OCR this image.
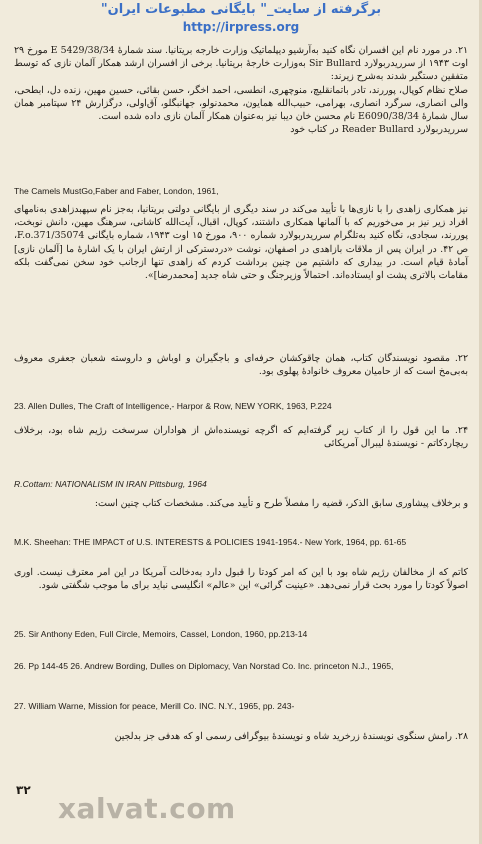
برگرفته از سایت_" بایگانی مطبوعات ایران"
http://irpress.org
۲۱. در مورد نام این افسران نگاه کنید به‌آرشیو دیپلماتیک وزارت خارجه بریتانیا. سند شمارهٔ E 5429/38/34 مورخ ۲۹ اوت ۱۹۴۳ از سرریدربولارد Sir Bullard به‌وزارت خارجهٔ بریتانیا. برخی از افسران ارشد همکار آلمان نازی که توسط متفقین دستگیر شدند به‌شرح زیرند:
صلاح نظام کوپال، پوررند، تادر باتمانقلیچ، منوچهری، انطسی، احمد اخگر، حسن بقائی، حسین مهین، زنده دل، ابطحی، والی انصاری، سرگرد انصاری، بهرامی، حبیب‌الله همایون، محمدنولو، جهانبگلو، آق‌اولی، درگزارش ۲۴ سپتامبر همان سال شمارهٔ E6090/38/34 نام محسن خان دیبا نیز به‌عنوان همکار آلمان نازی داده شده است.
سرریدربولارد Reader Bullard در کتاب خود
The Camels MustGo,Faber and Faber, London, 1961,
نیز همکاری زاهدی را با نازی‌ها با تأیید می‌کند در سند دیگری از بایگانی دولتی بریتانیا، به‌جز نام سپهبدزاهدی به‌نامهای افراد زیر نیز بر می‌خوریم که با آلمانها همکاری داشتند، کوپال، اقبال، آیت‌الله کاشانی، سرهنگ مهین، دانش نوبخت، پوررند، سجادی، نگاه کنید به‌تلگرام سرریدربولارد شماره ۹۰۰، مورخ ۱۵ اوت ۱۹۴۳، شماره بایگانی F.o.371/35074، ص ۴۲. در ایران پس از ملاقات بازاهدی در اصفهان، نوشت «دردسترکی از ارتش ایران با یک اشارهٔ ما [آلمان نازی] آمادهٔ قیام است. در بیداری که داشتیم من چنین برداشت کردم که زاهدی تنها ازجانب خود سخن نمی‌گفت بلکه مقامات بالاتری پشت او ایستاده‌اند. احتمالاً وزیرجنگ و حتی شاه جدید [محمدرضا]».
۲۲. مقصود نویسندگان کتاب، همان چاقوکشان حرفه‌ای و باجگیران و اوباش و داروسته شعبان جعفری معروف به‌بی‌مخ است که از حامیان معروف خانوادهٔ پهلوی بود.
23. Allen Dulles, The Craft of Intelligence,- Harpor & Row, NEW YORK, 1963, P.224
۲۴. ما این قول را از کتاب زیر گرفته‌ایم که اگرچه نویسنده‌اش از هواداران سرسخت رژیم شاه بود، برخلاف ریچاردکاتم - نویسندهٔ لیبرال آمریکائی
R.Cottam: NATIONALISM IN IRAN Pittsburg, 1964
و برخلاف پیشاوری سابق الذکر، قضیه را مفصلاً طرح و تأیید می‌کند. مشخصات کتاب چنین است:
M.K. Sheehan: THE IMPACT of U.S. INTERESTS & POLICIES 1941-1954.- New York, 1964, pp. 61-65
کاتم که از مخالفان رژیم شاه بود با این که امر کودتا را قبول دارد به‌دخالت آمریکا در این امر معترف نیست. اوری اصولاً کودتا را مورد بحث قرار نمی‌دهد. «عینیت گرائی» این «عالم» انگلیسی نباید برای ما موجب شگفتی شود.
25. Sir Anthony Eden, Full Circle, Memoirs, Cassel, London, 1960, pp.213-14
26. Pp 144-45 26. Andrew Bording, Dulles on Diplomacy, Van Norstad Co. Inc. princeton N.J., 1965,
27. William Warne, Mission for peace, Merill Co. INC. N.Y., 1965, pp. 243-
۲۸. رامش سنگوی نویسندهٔ زرخرید شاه و نویسندهٔ بیوگرافی رسمی او که هدفی جز بدلجین
۳۲
xalvat.com
